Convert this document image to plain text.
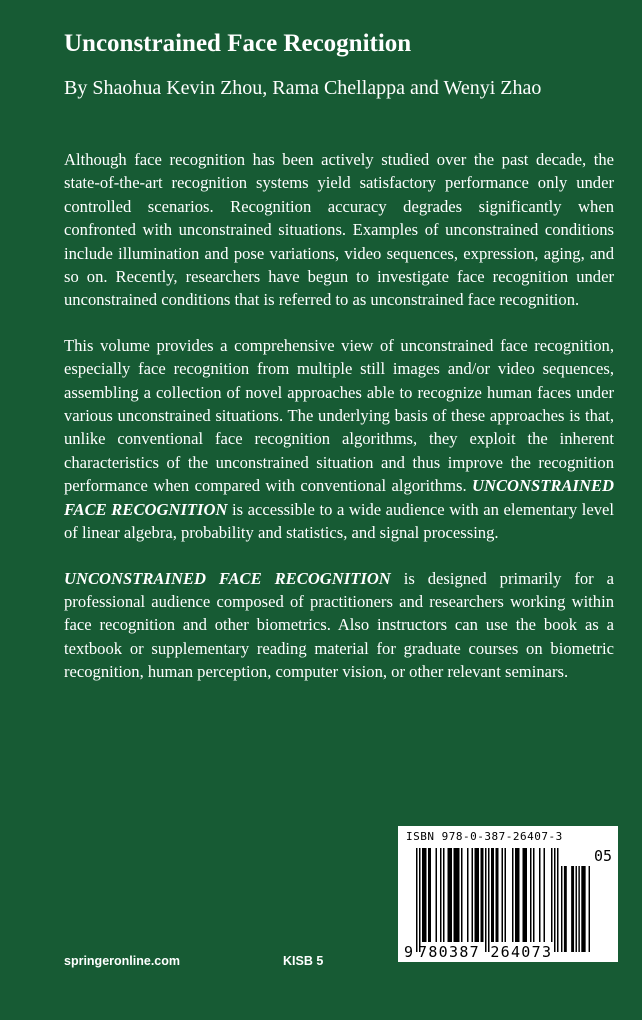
Unconstrained Face Recognition
By Shaohua Kevin Zhou, Rama Chellappa and Wenyi Zhao

Although face recognition has been actively studied over the past decade, the state-of-the-art recognition systems yield satisfactory performance only under controlled scenarios. Recognition accuracy degrades significantly when confronted with unconstrained situations. Examples of unconstrained conditions include illumination and pose variations, video sequences, expression, aging, and so on. Recently, researchers have begun to investigate face recognition under unconstrained conditions that is referred to as unconstrained face recognition.

This volume provides a comprehensive view of unconstrained face recognition, especially face recognition from multiple still images and/or video sequences, assembling a collection of novel approaches able to recognize human faces under various unconstrained situations. The underlying basis of these approaches is that, unlike conventional face recognition algorithms, they exploit the inherent characteristics of the unconstrained situation and thus improve the recognition performance when compared with conventional algorithms. UNCONSTRAINED FACE RECOGNITION is accessible to a wide audience with an elementary level of linear algebra, probability and statistics, and signal processing.

UNCONSTRAINED FACE RECOGNITION is designed primarily for a professional audience composed of practitioners and researchers working within face recognition and other biometrics. Also instructors can use the book as a textbook or supplementary reading material for graduate courses on biometric recognition, human perception, computer vision, or other relevant seminars.

springeronline.com	KISB 5
ISBN 978-0-387-26407-3
9 780387 264073
05
